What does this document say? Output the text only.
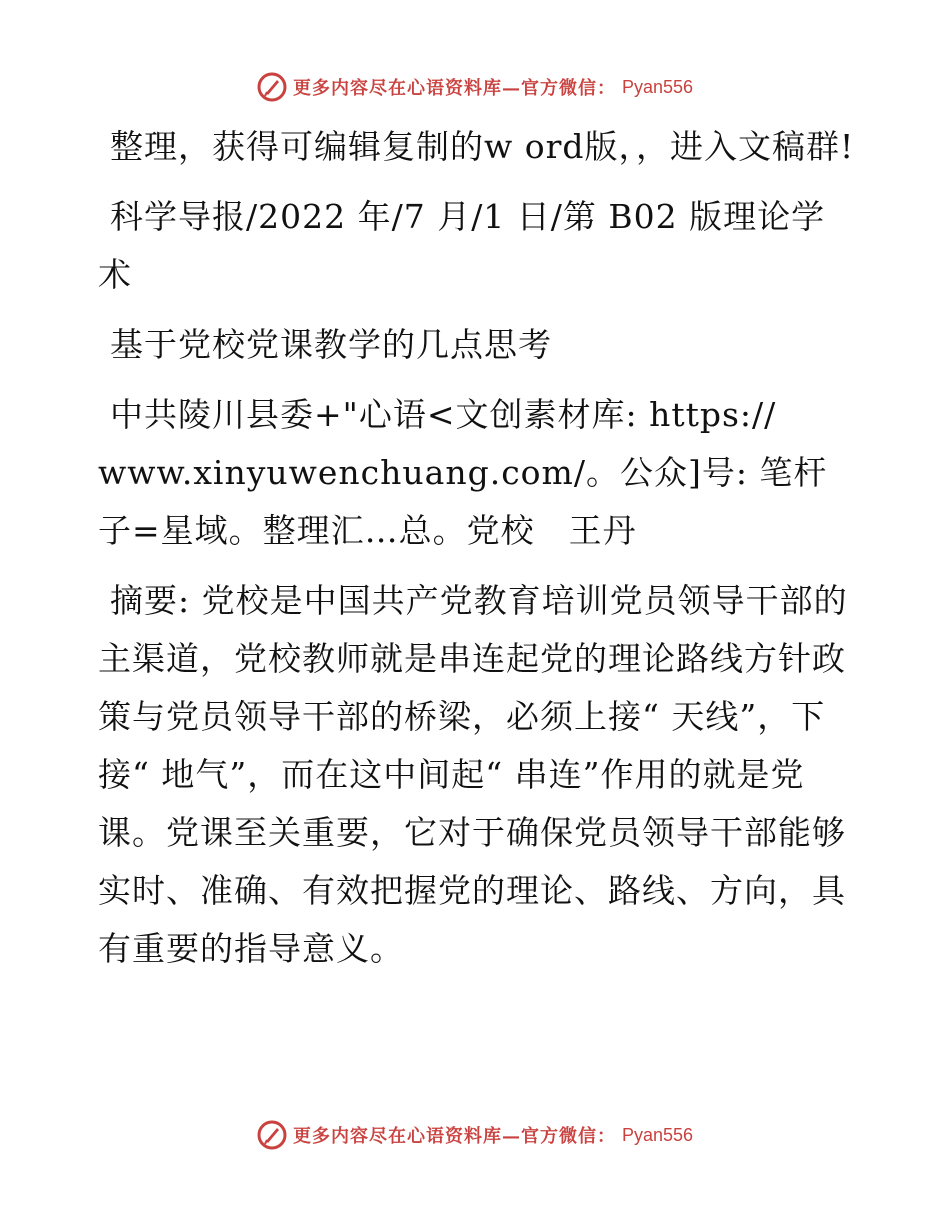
更多内容尽在心语资料库—官方微信： Pyan556

整理，获得可编辑复制的w ord版，，进入文稿群!

科学导报/2022 年/7 月/1 日/第 B02 版理论学术

基于党校党课教学的几点思考

中共陵川县委+"心语<文创素材库: https:// www.xinyuwenchuang.com/。公众]号: 笔杆子=星域。整理汇…总。党校　王丹

摘要: 党校是中国共产党教育培训党员领导干部的主渠道，党校教师就是串连起党的理论路线方针政策与党员领导干部的桥梁，必须上接“ 天线”，下接“ 地气”，而在这中间起“ 串连”作用的就是党课。党课至关重要，它对于确保党员领导干部能够实时、准确、有效把握党的理论、路线、方向，具有重要的指导意义。

更多内容尽在心语资料库—官方微信： Pyan556
